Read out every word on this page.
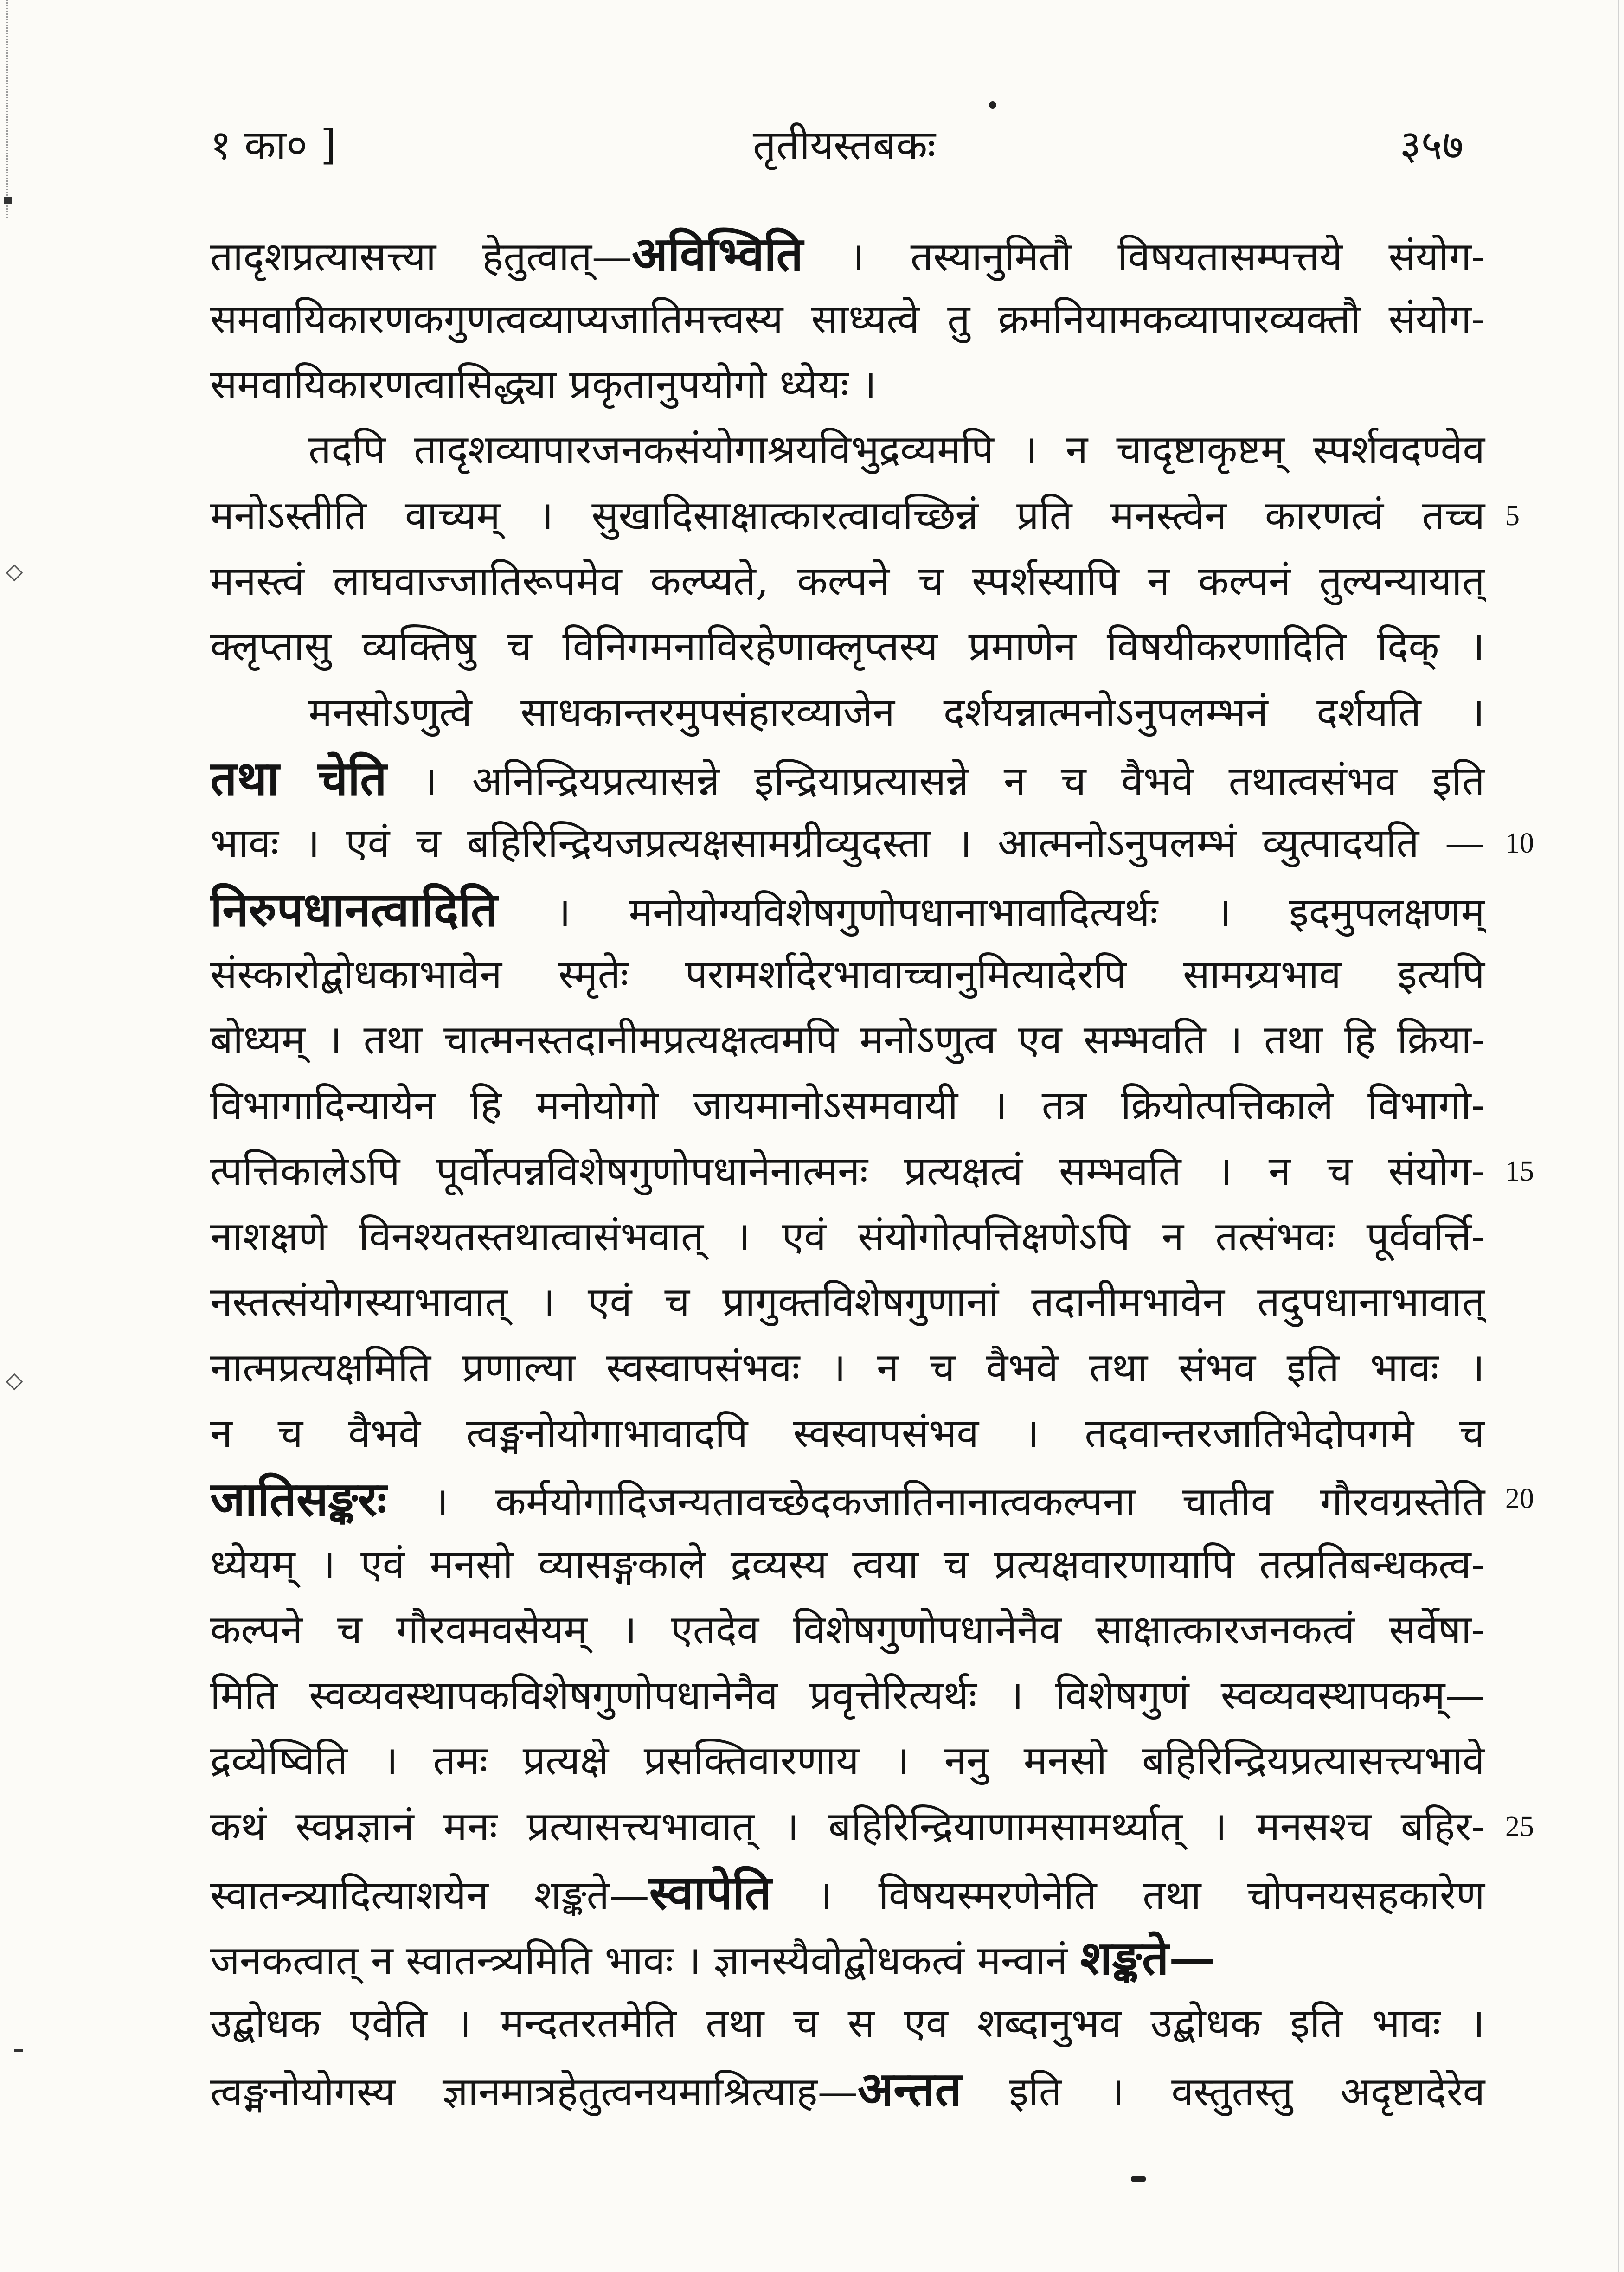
१ का० ]	तृतीयस्तबकः	३५७
तादृशप्रत्यासत्त्या हेतुत्वात्—अविभ्विति । तस्यानुमितौ विषयतासम्पत्तये संयोग-
समवायिकारणकगुणत्वव्याप्यजातिमत्त्वस्य साध्यत्वे तु क्रमनियामकव्यापारव्यक्तौ संयोग-
समवायिकारणत्वासिद्ध्या प्रकृतानुपयोगो ध्येयः ।
तदपि तादृशव्यापारजनकसंयोगाश्रयविभुद्रव्यमपि । न चादृष्टाकृष्टम् स्पर्शवदण्वेव
मनोऽस्तीति वाच्यम् । सुखादिसाक्षात्कारत्वावच्छिन्नं प्रति मनस्त्वेन कारणत्वं तच्च 5
मनस्त्वं लाघवाज्जातिरूपमेव कल्प्यते, कल्पने च स्पर्शस्यापि न कल्पनं तुल्यन्यायात्
क्लृप्तासु व्यक्तिषु च विनिगमनाविरहेणाक्लृप्तस्य प्रमाणेन विषयीकरणादिति दिक् ।
मनसोऽणुत्वे साधकान्तरमुपसंहारव्याजेन दर्शयन्नात्मनोऽनुपलम्भनं दर्शयति ।
तथा चेति । अनिन्द्रियप्रत्यासन्ने इन्द्रियाप्रत्यासन्ने न च वैभवे तथात्वसंभव इति
भावः । एवं च बहिरिन्द्रियजप्रत्यक्षसामग्रीव्युदस्ता । आत्मनोऽनुपलम्भं व्युत्पादयति — 10
निरुपधानत्वादिति । मनोयोग्यविशेषगुणोपधानाभावादित्यर्थः । इदमुपलक्षणम्
संस्कारोद्बोधकाभावेन स्मृतेः परामर्शादेरभावाच्चानुमित्यादेरपि सामग्र्यभाव इत्यपि
बोध्यम् । तथा चात्मनस्तदानीमप्रत्यक्षत्वमपि मनोऽणुत्व एव सम्भवति । तथा हि क्रिया-
विभागादिन्यायेन हि मनोयोगो जायमानोऽसमवायी । तत्र क्रियोत्पत्तिकाले विभागो-
त्पत्तिकालेऽपि पूर्वोत्पन्नविशेषगुणोपधानेनात्मनः प्रत्यक्षत्वं सम्भवति । न च संयोग- 15
नाशक्षणे विनश्यतस्तथात्वासंभवात् । एवं संयोगोत्पत्तिक्षणेऽपि न तत्संभवः पूर्ववर्त्ति-
नस्तत्संयोगस्याभावात् । एवं च प्रागुक्तविशेषगुणानां तदानीमभावेन तदुपधानाभावात्
नात्मप्रत्यक्षमिति प्रणाल्या स्वस्वापसंभवः । न च वैभवे तथा संभव इति भावः ।
न च वैभवे त्वङ्मनोयोगाभावादपि स्वस्वापसंभव । तदवान्तरजातिभेदोपगमे च
जातिसङ्करः । कर्मयोगादिजन्यतावच्छेदकजातिनानात्वकल्पना चातीव गौरवग्रस्तेति 20
ध्येयम् । एवं मनसो व्यासङ्गकाले द्रव्यस्य त्वया च प्रत्यक्षवारणायापि तत्प्रतिबन्धकत्व-
कल्पने च गौरवमवसेयम् । एतदेव विशेषगुणोपधानेनैव साक्षात्कारजनकत्वं सर्वेषा-
मिति स्वव्यवस्थापकविशेषगुणोपधानेनैव प्रवृत्तेरित्यर्थः । विशेषगुणं स्वव्यवस्थापकम्—
द्रव्येष्विति । तमः प्रत्यक्षे प्रसक्तिवारणाय । ननु मनसो बहिरिन्द्रियप्रत्यासत्त्यभावे
कथं स्वप्नज्ञानं मनः प्रत्यासत्त्यभावात् । बहिरिन्द्रियाणामसामर्थ्यात् । मनसश्च बहिर- 25
स्वातन्त्र्यादित्याशयेन शङ्कते—स्वापेति । विषयस्मरणेनेति तथा चोपनयसहकारेण
जनकत्वात् न स्वातन्त्र्यमिति भावः । ज्ञानस्यैवोद्बोधकत्वं मन्वानं शङ्कते—
उद्बोधक एवेति । मन्दतरतमेति तथा च स एव शब्दानुभव उद्बोधक इति भावः ।
त्वङ्मनोयोगस्य ज्ञानमात्रहेतुत्वनयमाश्रित्याह—अन्तत इति । वस्तुतस्तु अदृष्टादेरेव
